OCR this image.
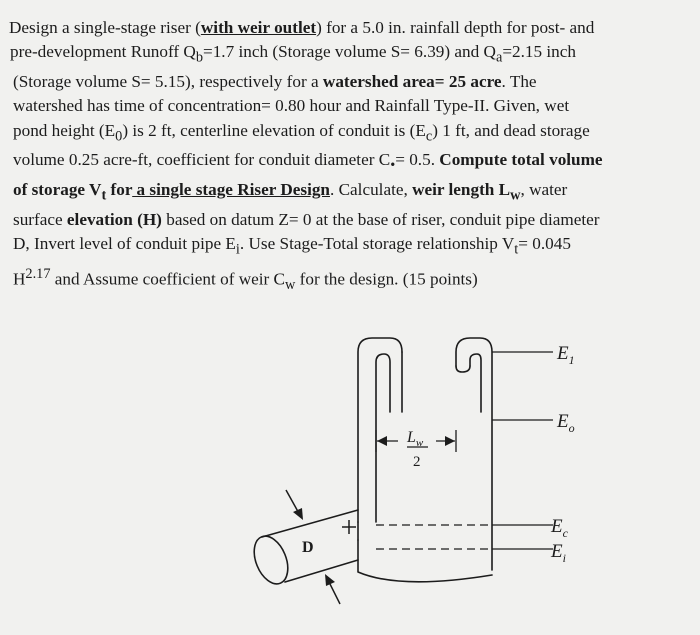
Design a single-stage riser (with weir outlet) for a 5.0 in. rainfall depth for post- and
pre-development Runoff $Q_b=1.7$ inch (Storage volume S= 6.39) and $Q_a=2.15$ inch
(Storage volume S= 5.15), respectively for a watershed area= 25 acre. The
watershed has time of concentration= 0.80 hour and Rainfall Type-II. Given, wet
pond height $(E_0)$ is 2 ft, centerline elevation of conduit is $(E_c)$ 1 ft, and dead storage
volume 0.25 acre-ft, coefficient for conduit diameter $C_•= 0.5$. Compute total volume
of storage $V_t$ for a single stage Riser Design. Calculate, weir length $L_w$, water
surface elevation (H) based on datum Z= 0 at the base of riser, conduit pipe diameter
D, Invert level of conduit pipe $E_i$. Use Stage-Total storage relationship $V_t= 0.045$
$H^{2.17}$ and Assume coefficient of weir $C_w$ for the design. (15 points)
$E_1$
$E_o$
$E_c$
$E_i$
$L_w$
2
D
